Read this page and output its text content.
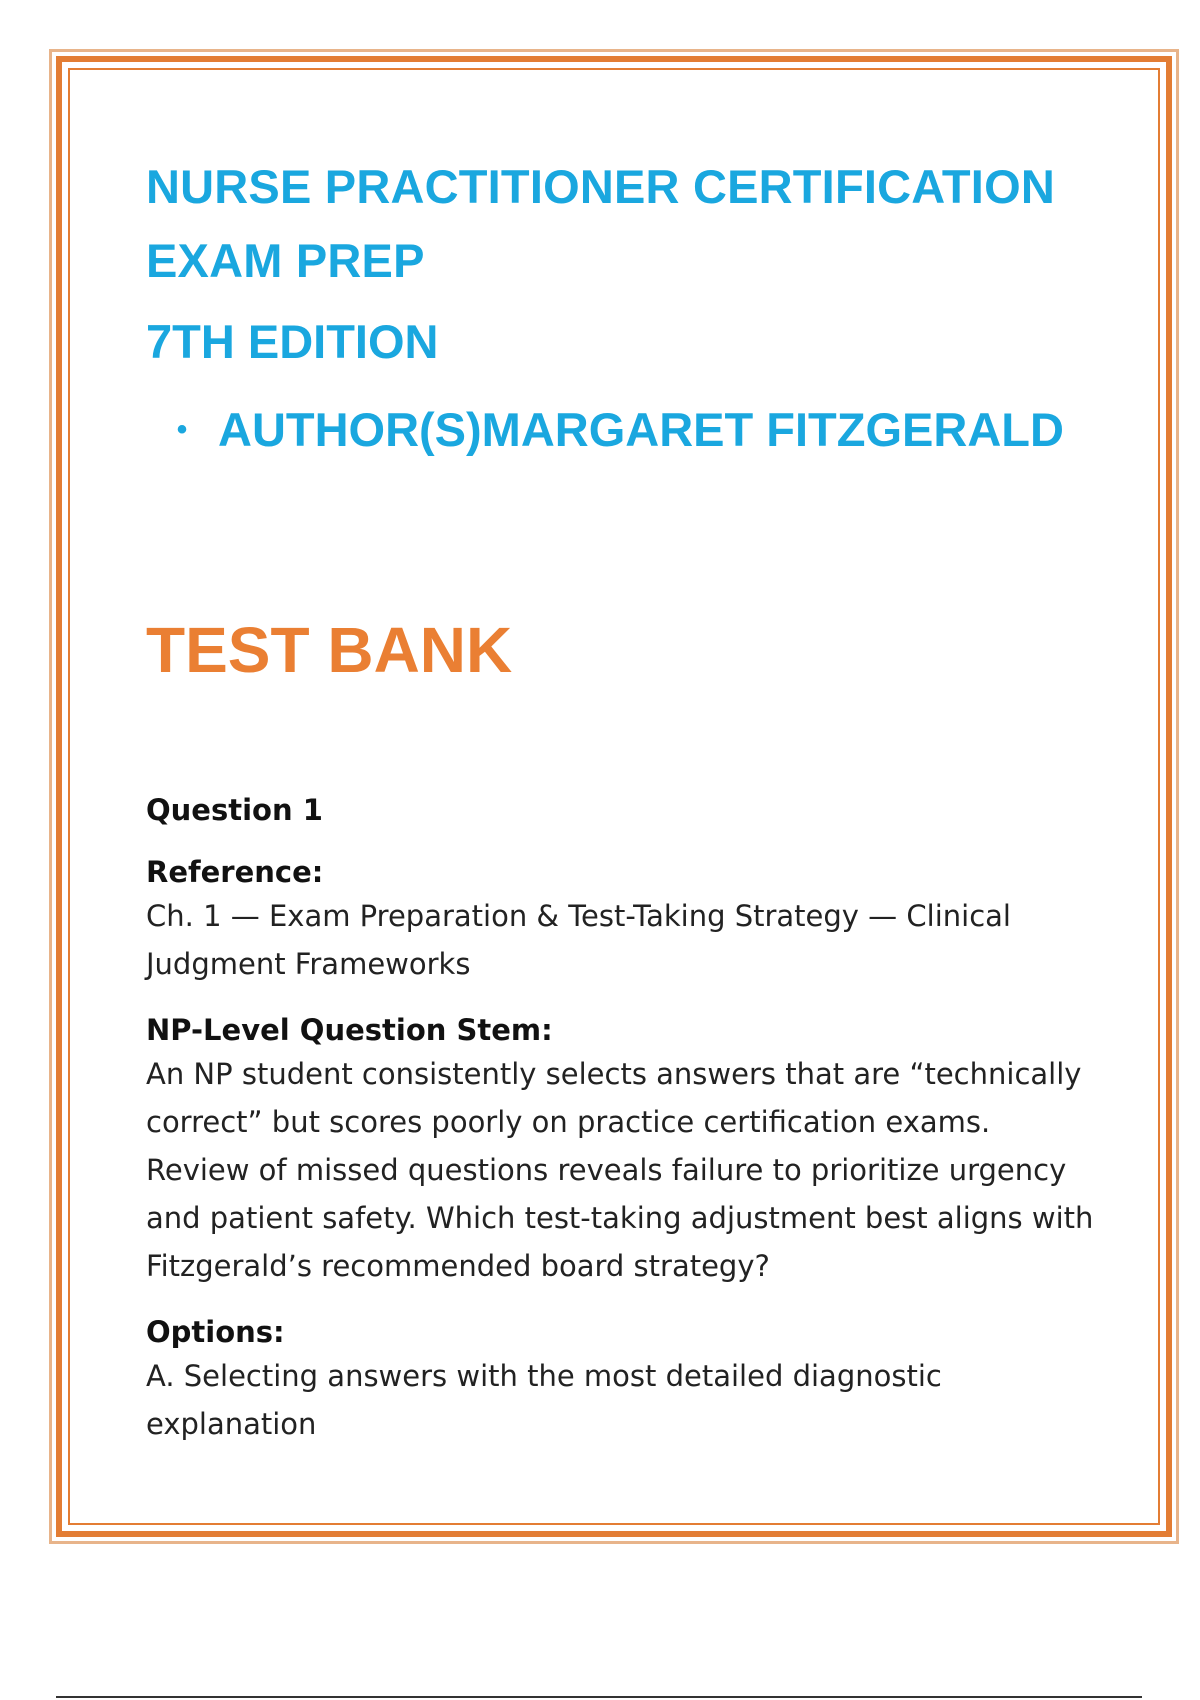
NURSE PRACTITIONER CERTIFICATION
EXAM PREP
7TH EDITION
• AUTHOR(S)MARGARET FITZGERALD
TEST BANK
Question 1
Reference:
Ch. 1 — Exam Preparation & Test-Taking Strategy — Clinical Judgment Frameworks
NP-Level Question Stem:
An NP student consistently selects answers that are “technically correct” but scores poorly on practice certification exams. Review of missed questions reveals failure to prioritize urgency and patient safety. Which test-taking adjustment best aligns with Fitzgerald’s recommended board strategy?
Options:
A. Selecting answers with the most detailed diagnostic explanation
